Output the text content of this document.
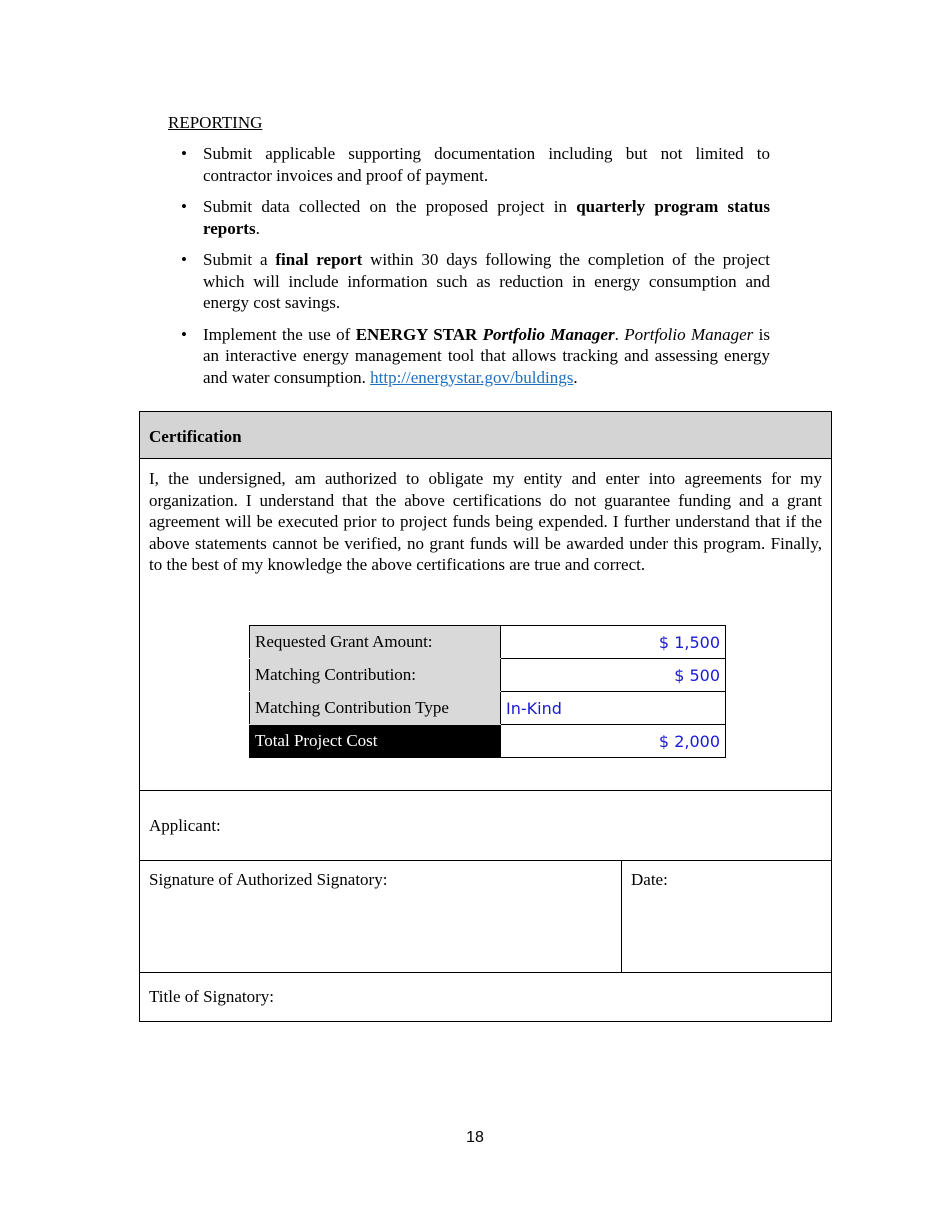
REPORTING

• Submit applicable supporting documentation including but not limited to contractor invoices and proof of payment.
• Submit data collected on the proposed project in quarterly program status reports.
• Submit a final report within 30 days following the completion of the project which will include information such as reduction in energy consumption and energy cost savings.
• Implement the use of ENERGY STAR Portfolio Manager. Portfolio Manager is an interactive energy management tool that allows tracking and assessing energy and water consumption. http://energystar.gov/buldings.
Certification

I, the undersigned, am authorized to obligate my entity and enter into agreements for my organization. I understand that the above certifications do not guarantee funding and a grant agreement will be executed prior to project funds being expended. I further understand that if the above statements cannot be verified, no grant funds will be awarded under this program. Finally, to the best of my knowledge the above certifications are true and correct.

Requested Grant Amount:	$ 1,500
Matching Contribution:	$ 500
Matching Contribution Type	In-Kind
Total Project Cost	$ 2,000
Applicant:
Signature of Authorized Signatory:	Date:
Title of Signatory:
18
